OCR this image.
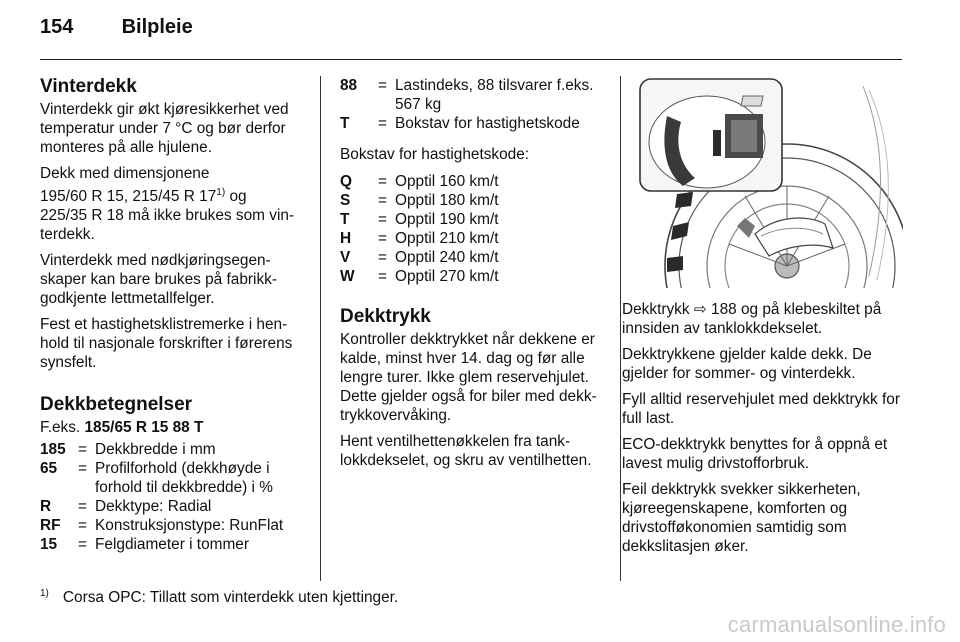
154 Bilpleie
Vinterdekk

Vinterdekk gir økt kjøresikkerhet ved temperatur under 7 °C og bør derfor monteres på alle hjulene.

Dekk med dimensjonene
195/60 R 15, 215/45 R 17$^{1)}$ og
225/35 R 18 må ikke brukes som vin-terdekk.

Vinterdekk med nødkjøringsegen-skaper kan bare brukes på fabrikk-godkjente lettmetallfelger.

Fest et hastighetsklistremerke i hen-hold til nasjonale forskrifter i førerens synsfelt.

Dekkbetegnelser

F.eks. 185/65 R 15 88 T

185	=	Dekkbredde i mm
65	=	Profilforhold (dekkhøyde i forhold til dekkbredde) i %
R	=	Dekktype: Radial
RF	=	Konstruksjonstype: RunFlat
15	=	Felgdiameter i tommer
88	=	Lastindeks, 88 tilsvarer f.eks. 567 kg
T	=	Bokstav for hastighetskode

Bokstav for hastighetskode:

Q	=	Opptil 160 km/t
S	=	Opptil 180 km/t
T	=	Opptil 190 km/t
H	=	Opptil 210 km/t
V	=	Opptil 240 km/t
W	=	Opptil 270 km/t
Dekktrykk

Kontroller dekktrykket når dekkene er kalde, minst hver 14. dag og før alle lengre turer. Ikke glem reservehjulet. Dette gjelder også for biler med dekk-trykkovervåking.

Hent ventilhettenøkkelen fra tank-lokkdekselet, og skru av ventilhetten.

Dekktrykk ⇨ 188 og på klebeskiltet på innsiden av tanklokkdekselet.

Dekktrykkene gjelder kalde dekk. De gjelder for sommer- og vinterdekk.

Fyll alltid reservehjulet med dekktrykk for full last.

ECO-dekktrykk benyttes for å oppnå et lavest mulig drivstofforbruk.

Feil dekktrykk svekker sikkerheten, kjøreegenskapene, komforten og drivstofføkonomien samtidig som dekkslitasjen øker.

$^{1)}$ Corsa OPC: Tillatt som vinterdekk uten kjettinger.
carmanualsonline.info
